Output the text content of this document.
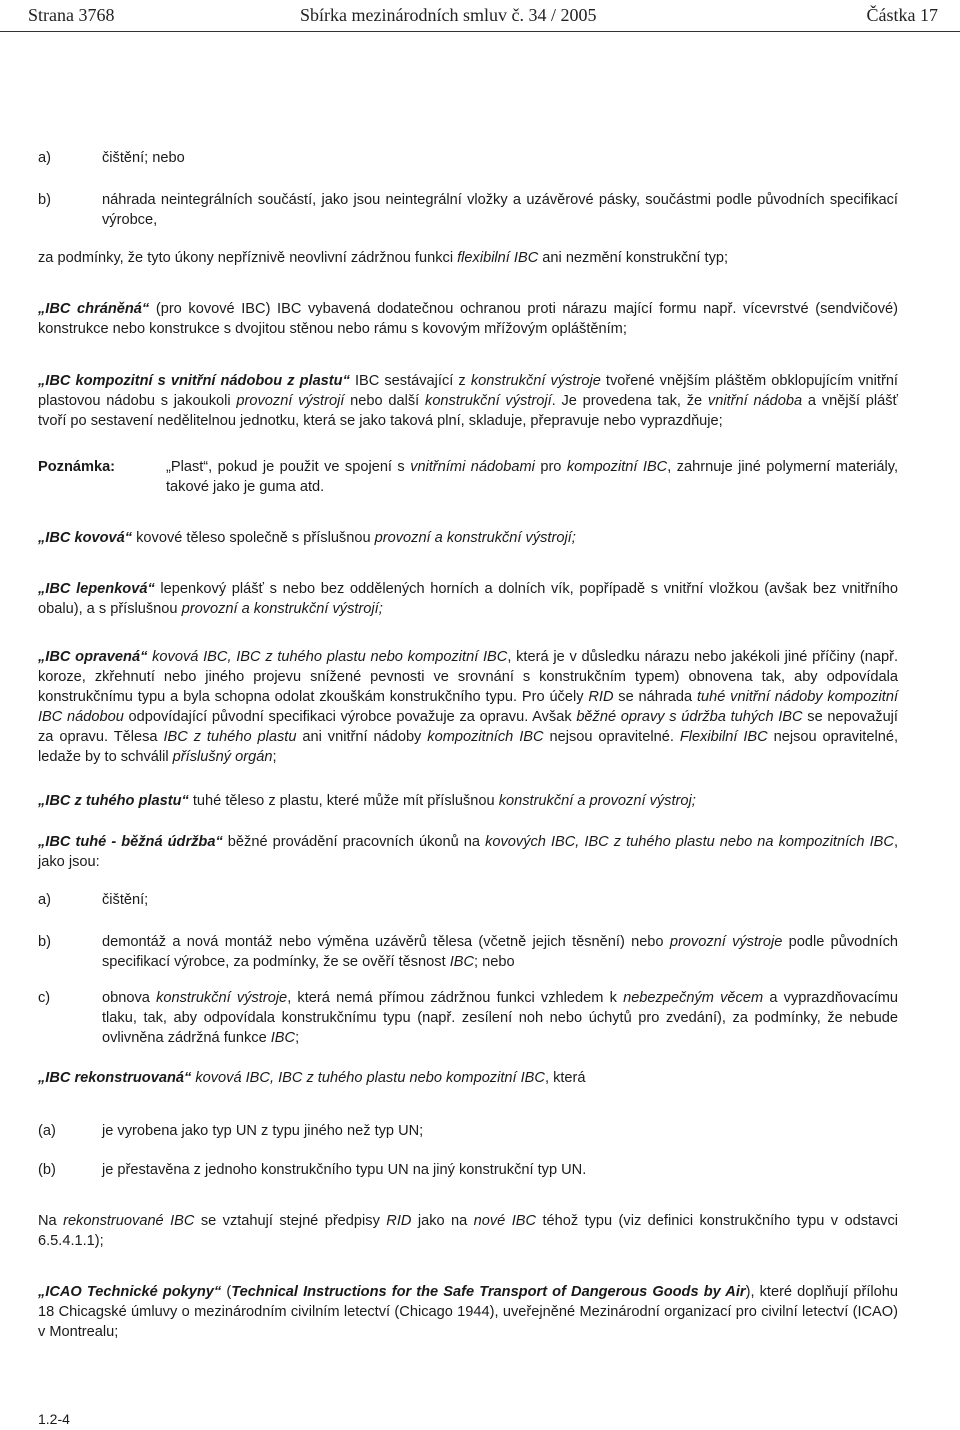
Strana 3768	Sbírka mezinárodních smluv č. 34 / 2005	Částka 17
a)	čištění; nebo

b)	náhrada neintegrálních součástí, jako jsou neintegrální vložky a uzávěrové pásky, součástmi podle původních specifikací výrobce,

za podmínky, že tyto úkony nepříznivě neovlivní zádržnou funkci flexibilní IBC ani nezmění konstrukční typ;

„IBC chráněná“ (pro kovové IBC) IBC vybavená dodatečnou ochranou proti nárazu mající formu např. vícevrstvé (sendvičové) konstrukce nebo konstrukce s dvojitou stěnou nebo rámu s kovovým mřížovým opláštěním;

„IBC kompozitní s vnitřní nádobou z plastu“ IBC sestávající z konstrukční výstroje tvořené vnějším pláštěm obklopujícím vnitřní plastovou nádobu s jakoukoli provozní výstrojí nebo další konstrukční výstrojí. Je provedena tak, že vnitřní nádoba a vnější plášť tvoří po sestavení nedělitelnou jednotku, která se jako taková plní, skladuje, přepravuje nebo vyprazdňuje;

Poznámka:	„Plast“, pokud je použit ve spojení s vnitřními nádobami pro kompozitní IBC, zahrnuje jiné polymerní materiály, takové jako je guma atd.

„IBC kovová“ kovové těleso společně s příslušnou provozní a konstrukční výstrojí;

„IBC lepenková“ lepenkový plášť s nebo bez oddělených horních a dolních vík, popřípadě s vnitřní vložkou (avšak bez vnitřního obalu), a s příslušnou provozní a konstrukční výstrojí;

„IBC opravená“ kovová IBC, IBC z tuhého plastu nebo kompozitní IBC, která je v důsledku nárazu nebo jakékoli jiné příčiny (např. koroze, zkřehnutí nebo jiného projevu snížené pevnosti ve srovnání s konstrukčním typem) obnovena tak, aby odpovídala konstrukčnímu typu a byla schopna odolat zkouškám konstrukčního typu. Pro účely RID se náhrada tuhé vnitřní nádoby kompozitní IBC nádobou odpovídající původní specifikaci výrobce považuje za opravu. Avšak běžné opravy s údržba tuhých IBC se nepovažují za opravu. Tělesa IBC z tuhého plastu ani vnitřní nádoby kompozitních IBC nejsou opravitelné. Flexibilní IBC nejsou opravitelné, ledaže by to schválil příslušný orgán;

„IBC z tuhého plastu“ tuhé těleso z plastu, které může mít příslušnou konstrukční a provozní výstroj;

„IBC tuhé - běžná údržba“ běžné provádění pracovních úkonů na kovových IBC, IBC z tuhého plastu nebo na kompozitních IBC, jako jsou:

a)	čištění;

b)	demontáž a nová montáž nebo výměna uzávěrů tělesa (včetně jejich těsnění) nebo provozní výstroje podle původních specifikací výrobce, za podmínky, že se ověří těsnost IBC; nebo

c)	obnova konstrukční výstroje, která nemá přímou zádržnou funkci vzhledem k nebezpečným věcem a vyprazdňovacímu tlaku, tak, aby odpovídala konstrukčnímu typu (např. zesílení noh nebo úchytů pro zvedání), za podmínky, že nebude ovlivněna zádržná funkce IBC;

„IBC rekonstruovaná“ kovová IBC, IBC z tuhého plastu nebo kompozitní IBC, která

(a)	je vyrobena jako typ UN z typu jiného než typ UN;

(b)	je přestavěna z jednoho konstrukčního typu UN na jiný konstrukční typ UN.

Na rekonstruované IBC se vztahují stejné předpisy RID jako na nové IBC téhož typu (viz definici konstrukčního typu v odstavci 6.5.4.1.1);

„ICAO Technické pokyny“ (Technical Instructions for the Safe Transport of Dangerous Goods by Air), které doplňují přílohu 18 Chicagské úmluvy o mezinárodním civilním letectví (Chicago 1944), uveřejněné Mezinárodní organizací pro civilní letectví (ICAO) v Montrealu;

1.2-4
